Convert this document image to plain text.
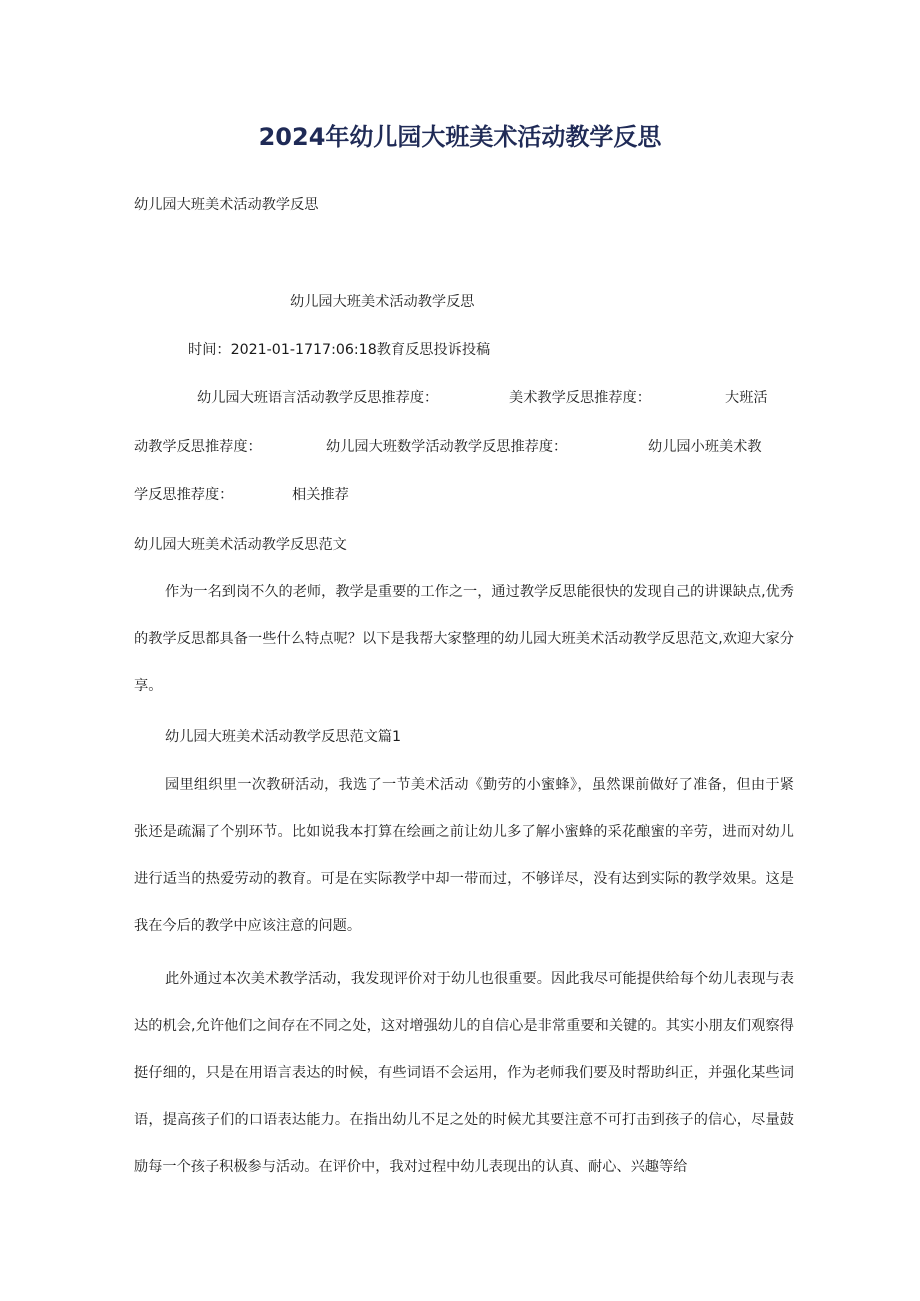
2024年幼儿园大班美术活动教学反思
幼儿园大班美术活动教学反思
幼儿园大班美术活动教学反思
时间：2021-01-1717:06:18教育反思投诉投稿
幼儿园大班语言活动教学反思推荐度：	美术教学反思推荐度：	大班活
动教学反思推荐度：	幼儿园大班数学活动教学反思推荐度：	幼儿园小班美术教
学反思推荐度：	相关推荐
幼儿园大班美术活动教学反思范文
作为一名到岗不久的老师，教学是重要的工作之一，通过教学反思能很快的发现自己的讲课缺点,优秀的教学反思都具备一些什么特点呢？以下是我帮大家整理的幼儿园大班美术活动教学反思范文,欢迎大家分享。
幼儿园大班美术活动教学反思范文篇1
园里组织里一次教研活动，我选了一节美术活动《勤劳的小蜜蜂》，虽然课前做好了准备，但由于紧张还是疏漏了个别环节。比如说我本打算在绘画之前让幼儿多了解小蜜蜂的采花酿蜜的辛劳，进而对幼儿进行适当的热爱劳动的教育。可是在实际教学中却一带而过，不够详尽，没有达到实际的教学效果。这是我在今后的教学中应该注意的问题。
此外通过本次美术教学活动，我发现评价对于幼儿也很重要。因此我尽可能提供给每个幼儿表现与表达的机会,允许他们之间存在不同之处，这对增强幼儿的自信心是非常重要和关键的。其实小朋友们观察得挺仔细的，只是在用语言表达的时候，有些词语不会运用，作为老师我们要及时帮助纠正，并强化某些词语，提高孩子们的口语表达能力。在指出幼儿不足之处的时候尤其要注意不可打击到孩子的信心，尽量鼓励每一个孩子积极参与活动。在评价中，我对过程中幼儿表现出的认真、耐心、兴趣等给
